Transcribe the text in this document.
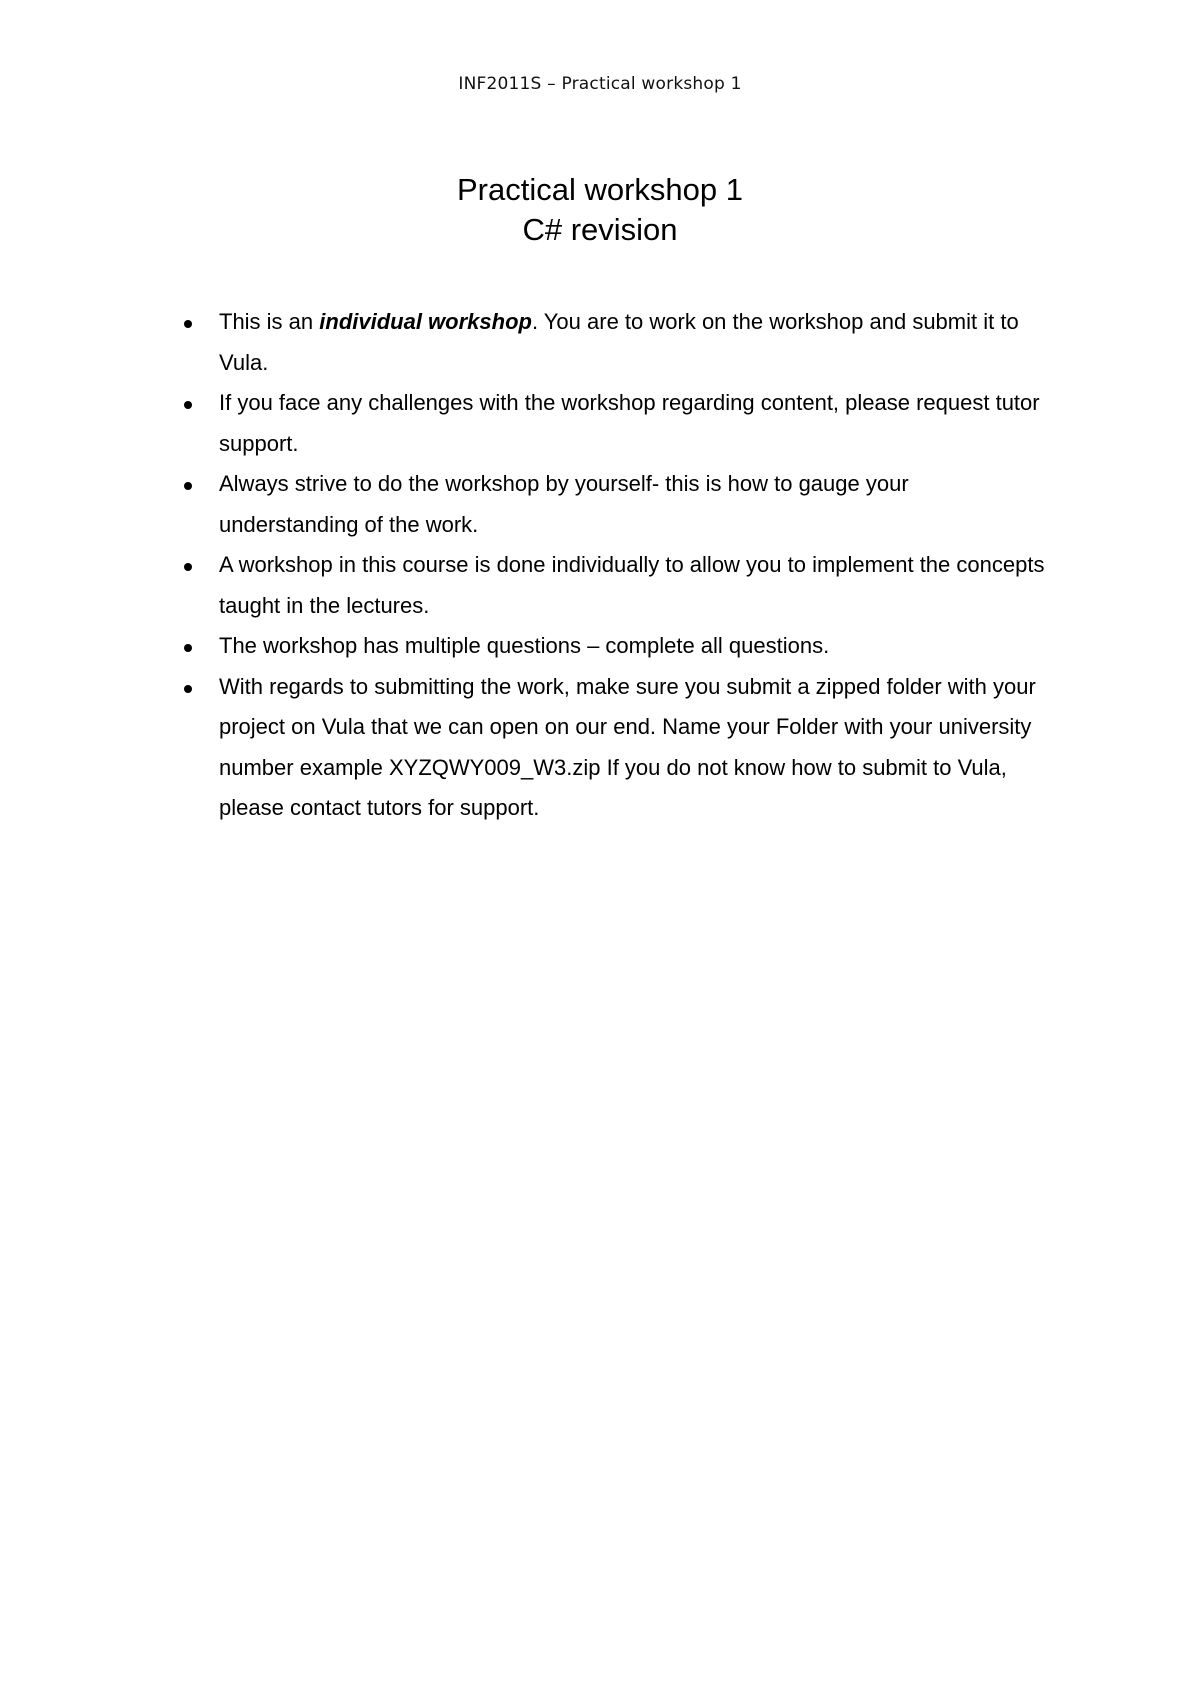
INF2011S – Practical workshop 1
Practical workshop 1
C# revision
This is an individual workshop. You are to work on the workshop and submit it to Vula.
If you face any challenges with the workshop regarding content, please request tutor support.
Always strive to do the workshop by yourself- this is how to gauge your understanding of the work.
A workshop in this course is done individually to allow you to implement the concepts taught in the lectures.
The workshop has multiple questions – complete all questions.
With regards to submitting the work, make sure you submit a zipped folder with your project on Vula that we can open on our end. Name your Folder with your university number example XYZQWY009_W3.zip If you do not know how to submit to Vula, please contact tutors for support.
